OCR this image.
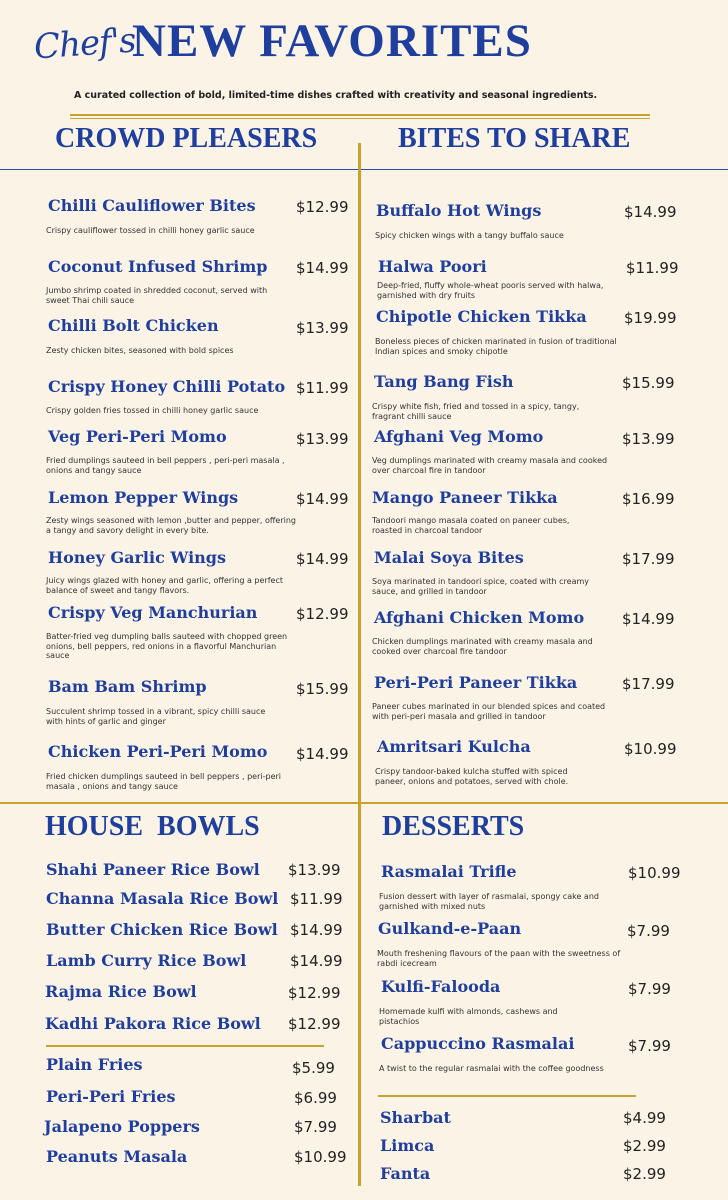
Chef's
NEW FAVORITES
A curated collection of bold, limited-time dishes crafted with creativity and seasonal ingredients.
CROWD PLEASERS	BITES TO SHARE
Chilli Cauliflower Bites	$12.99
Crispy cauliflower tossed in chilli honey garlic sauce
Coconut Infused Shrimp $14.99
Jumbo shrimp coated in shredded coconut, served with sweet Thai chili sauce
Chilli Bolt Chicken	$13.99
Zesty chicken bites, seasoned with bold spices
Crispy Honey Chilli Potato $11.99
Crispy golden fries tossed in chilli honey garlic sauce
Veg Peri-Peri Momo	$13.99
Fried dumplings sauteed in bell peppers , peri-peri masala , onions and tangy sauce
Lemon Pepper Wings	$14.99
Zesty wings seasoned with lemon ,butter and pepper, offering a tangy and savory delight in every bite.
Honey Garlic Wings	$14.99
Juicy wings glazed with honey and garlic, offering a perfect balance of sweet and tangy flavors.
Crispy Veg Manchurian	$12.99
Batter-fried veg dumpling balls sauteed with chopped green onions, bell peppers, red onions in a flavorful Manchurian sauce
Bam Bam Shrimp	$15.99
Succulent shrimp tossed in a vibrant, spicy chilli sauce with hints of garlic and ginger
Chicken Peri-Peri Momo $14.99
Fried chicken dumplings sauteed in bell peppers , peri-peri masala , onions and tangy sauce
Buffalo Hot Wings	$14.99
Spicy chicken wings with a tangy buffalo sauce
Halwa Poori	$11.99
Deep-fried, fluffy whole-wheat pooris served with halwa, garnished with dry fruits
Chipotle Chicken Tikka $19.99
Boneless pieces of chicken marinated in fusion of traditional Indian spices and smoky chipotle
Tang Bang Fish	$15.99
Crispy white fish, fried and tossed in a spicy, tangy, fragrant chilli sauce
Afghani Veg Momo	$13.99
Veg dumplings marinated with creamy masala and cooked over charcoal fire in tandoor
Mango Paneer Tikka	$16.99
Tandoori mango masala coated on paneer cubes, roasted in charcoal tandoor
Malai Soya Bites	$17.99
Soya marinated in tandoori spice, coated with creamy sauce, and grilled in tandoor
Afghani Chicken Momo	$14.99
Chicken dumplings marinated with creamy masala and cooked over charcoal fire tandoor
Peri-Peri Paneer Tikka	$17.99
Paneer cubes marinated in our blended spices and coated with peri-peri masala and grilled in tandoor
Amritsari Kulcha	$10.99
Crispy tandoor-baked kulcha stuffed with spiced paneer, onions and potatoes, served with chole.
HOUSE  BOWLS
Shahi Paneer Rice Bowl $13.99
Channa Masala Rice Bowl $11.99
Butter Chicken Rice Bowl $14.99
Lamb Curry Rice Bowl	$14.99
Rajma Rice Bowl	$12.99
Kadhi Pakora Rice Bowl $12.99
Plain Fries	$5.99
Peri-Peri Fries	$6.99
Jalapeno Poppers	$7.99
Peanuts Masala	$10.99
DESSERTS
Rasmalai Trifle	$10.99
Fusion dessert with layer of rasmalai, spongy cake and garnished with mixed nuts
Gulkand-e-Paan	$7.99
Mouth freshening flavours of the paan with the sweetness of rabdi icecream
Kulfi-Falooda	$7.99
Homemade kulfi with almonds, cashews and pistachios
Cappuccino Rasmalai	$7.99
A twist to the regular rasmalai with the coffee goodness
Sharbat	$4.99
Limca	$2.99
Fanta	$2.99
